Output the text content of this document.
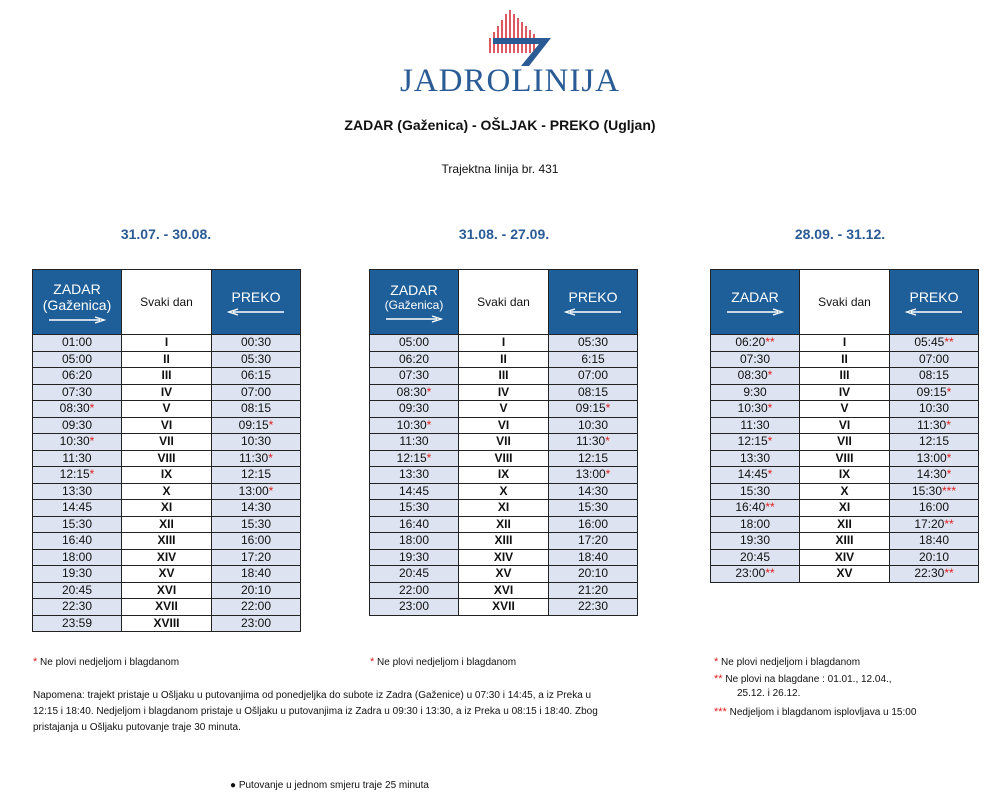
JADROLINIJA
ZADAR (Gaženica) - OŠLJAK - PREKO (Ugljan)
Trajektna linija br. 431
31.07. - 30.08.	31.08. - 27.09.	28.09. - 31.12.
ZADAR
(Gaženica)	Svaki dan	PREKO

01:00	I	00:30
05:00	II	05:30
06:20	III	06:15
07:30	IV	07:00
08:30*	V	08:15
09:30	VI	09:15*
10:30*	VII	10:30
11:30	VIII	11:30*
12:15*	IX	12:15
13:30	X	13:00*
14:45	XI	14:30
15:30	XII	15:30
16:40	XIII	16:00
18:00	XIV	17:20
19:30	XV	18:40
20:45	XVI	20:10
22:30	XVII	22:00
23:59	XVIII	23:00
ZADAR
(Gaženica)	Svaki dan	PREKO

05:00	I	05:30
06:20	II	6:15
07:30	III	07:00
08:30*	IV	08:15
09:30	V	09:15*
10:30*	VI	10:30
11:30	VII	11:30*
12:15*	VIII	12:15
13:30	IX	13:00*
14:45	X	14:30
15:30	XI	15:30
16:40	XII	16:00
18:00	XIII	17:20
19:30	XIV	18:40
20:45	XV	20:10
22:00	XVI	21:20
23:00	XVII	22:30
ZADAR	Svaki dan	PREKO

06:20**	I	05:45**
07:30	II	07:00
08:30*	III	08:15
9:30	IV	09:15*
10:30*	V	10:30
11:30	VI	11:30*
12:15*	VII	12:15
13:30	VIII	13:00*
14:45*	IX	14:30*
15:30	X	15:30***
16:40**	XI	16:00
18:00	XII	17:20**
19:30	XIII	18:40
20:45	XIV	20:10
23:00**	XV	22:30**
* Ne plovi nedjeljom i blagdanom	* Ne plovi nedjeljom i blagdanom	* Ne plovi nedjeljom i blagdanom
** Ne plovi na blagdane : 01.01., 12.04.,
25.12. i 26.12.
*** Nedjeljom i blagdanom isplovljava u 15:00
Napomena: trajekt pristaje u Ošljaku u putovanjima od ponedjelјka do subote iz Zadra (Gaženice) u 07:30 i 14:45, a iz Preka u
12:15 i 18:40. Nedjeljom i blagdanom pristaje u Ošljaku u putovanjima iz Zadra u 09:30 i 13:30, a iz Preka u 08:15 i 18:40. Zbog
pristajanja u Ošljaku putovanje traje 30 minuta.
● Putovanje u jednom smjeru traje 25 minuta
